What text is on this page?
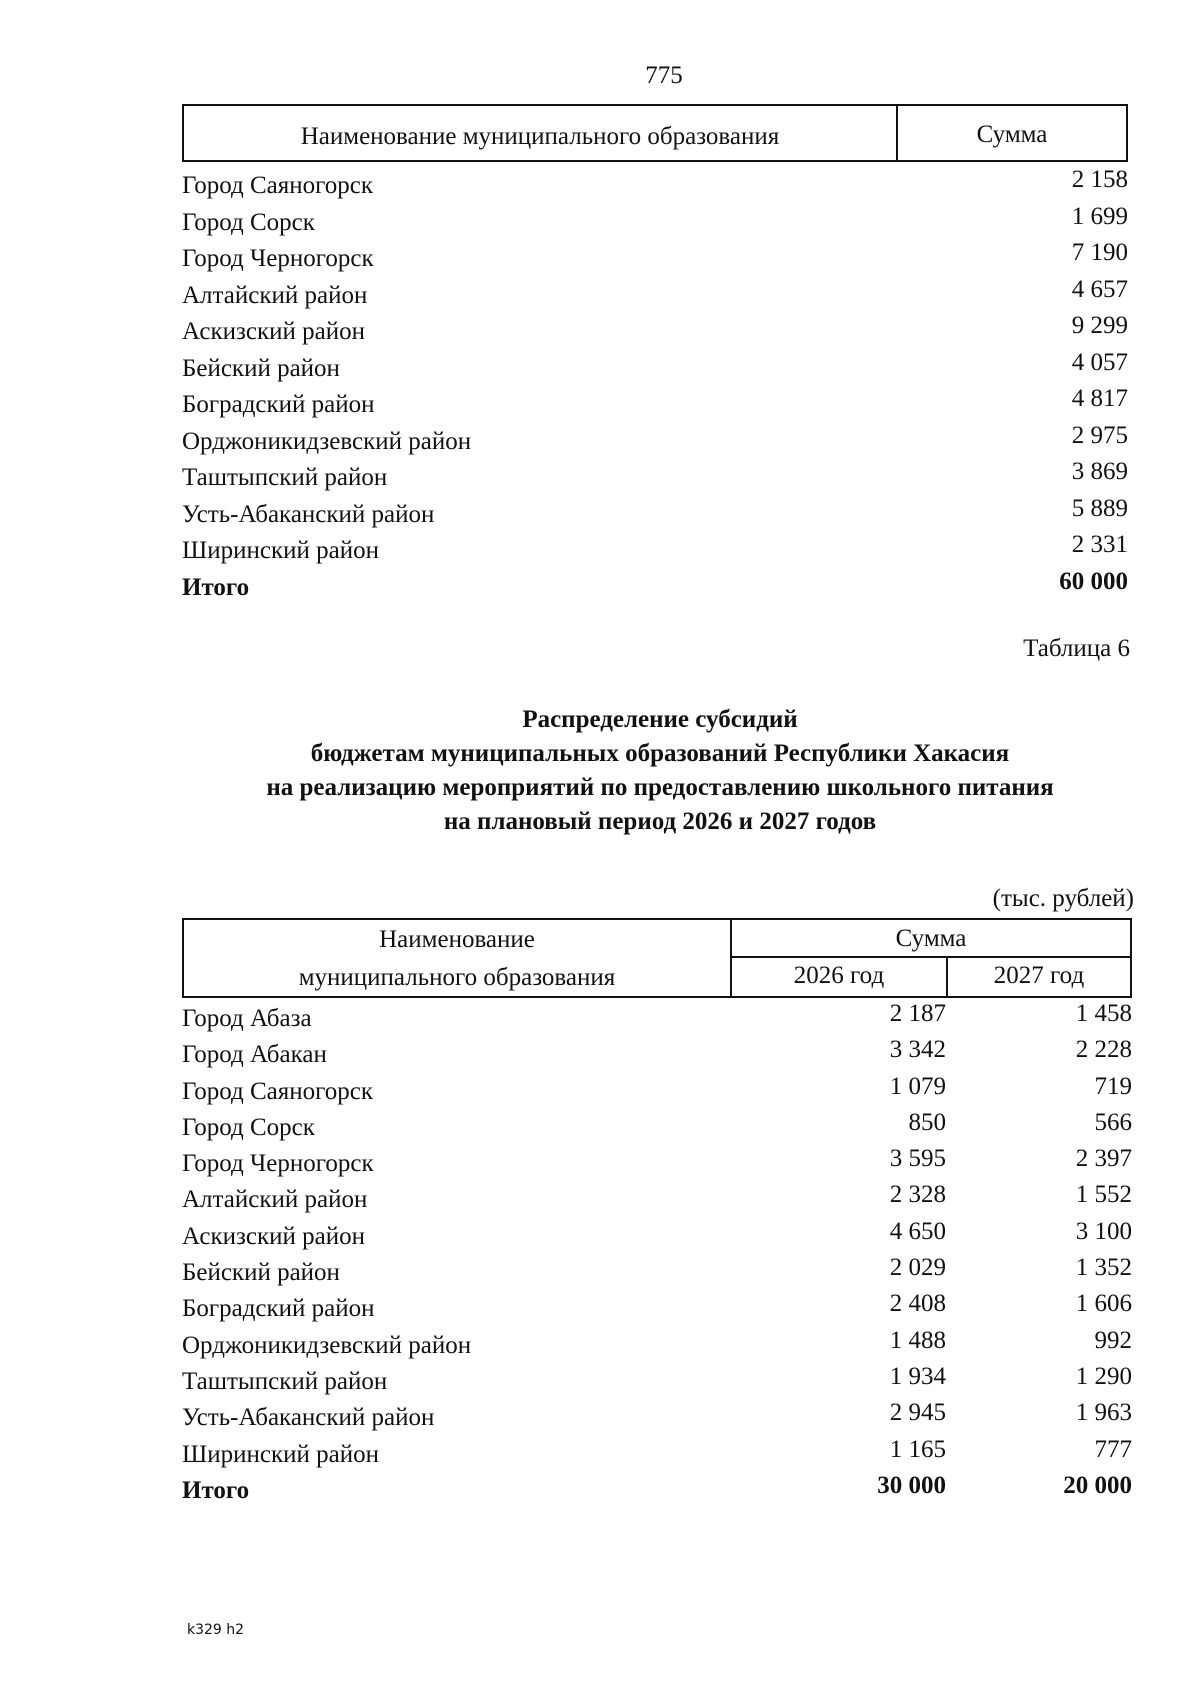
775
Наименование муниципального образования	Сумма
Город Саяногорск	2 158
Город Сорск	1 699
Город Черногорск	7 190
Алтайский район	4 657
Аскизский район	9 299
Бейский район	4 057
Боградский район	4 817
Орджоникидзевский район	2 975
Таштыпский район	3 869
Усть-Абаканский район	5 889
Ширинский район	2 331
Итого	60 000
Таблица 6
Распределение субсидий
бюджетам муниципальных образований Республики Хакасия
на реализацию мероприятий по предоставлению школьного питания
на плановый период 2026 и 2027 годов
(тыс. рублей)
Наименование	Сумма
муниципального образования	2026 год	2027 год
Город Абаза	2 187	1 458
Город Абакан	3 342	2 228
Город Саяногорск	1 079	719
Город Сорск	850	566
Город Черногорск	3 595	2 397
Алтайский район	2 328	1 552
Аскизский район	4 650	3 100
Бейский район	2 029	1 352
Боградский район	2 408	1 606
Орджоникидзевский район	1 488	992
Таштыпский район	1 934	1 290
Усть-Абаканский район	2 945	1 963
Ширинский район	1 165	777
Итого	30 000	20 000
k329 h2
